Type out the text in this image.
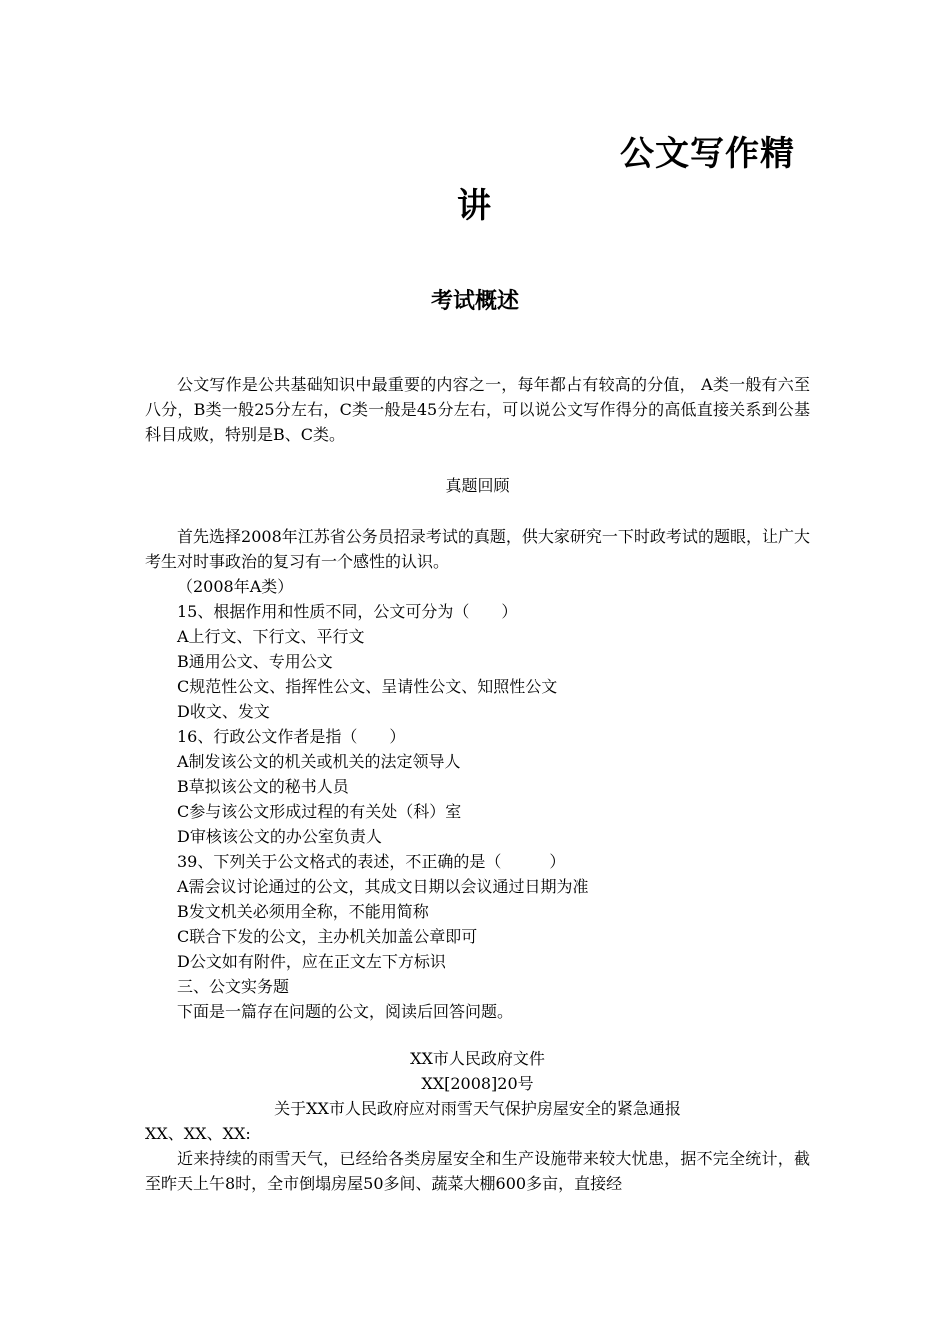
公文写作精
讲
考试概述

公文写作是公共基础知识中最重要的内容之一，每年都占有较高的分值， A类一般有六至八分，B类一般25分左右，C类一般是45分左右，可以说公文写作得分的高低直接关系到公基科目成败，特别是B、C类。

真题回顾

首先选择2008年江苏省公务员招录考试的真题，供大家研究一下时政考试的题眼，让广大考生对时事政治的复习有一个感性的认识。

（2008年A类）

15、根据作用和性质不同，公文可分为（　　）

A上行文、下行文、平行文

B通用公文、专用公文

C规范性公文、指挥性公文、呈请性公文、知照性公文

D收文、发文

16、行政公文作者是指（　　）

A制发该公文的机关或机关的法定领导人

B草拟该公文的秘书人员

C参与该公文形成过程的有关处（科）室

D审核该公文的办公室负责人

39、下列关于公文格式的表述，不正确的是（　　　）

A需会议讨论通过的公文，其成文日期以会议通过日期为准

B发文机关必须用全称，不能用简称

C联合下发的公文，主办机关加盖公章即可

D公文如有附件，应在正文左下方标识

三、公文实务题

下面是一篇存在问题的公文，阅读后回答问题。

XX市人民政府文件

XX[2008]20号

关于XX市人民政府应对雨雪天气保护房屋安全的紧急通报

XX、XX、XX:

近来持续的雨雪天气，已经给各类房屋安全和生产设施带来较大忧患，据不完全统计，截至昨天上午8时，全市倒塌房屋50多间、蔬菜大棚600多亩，直接经
